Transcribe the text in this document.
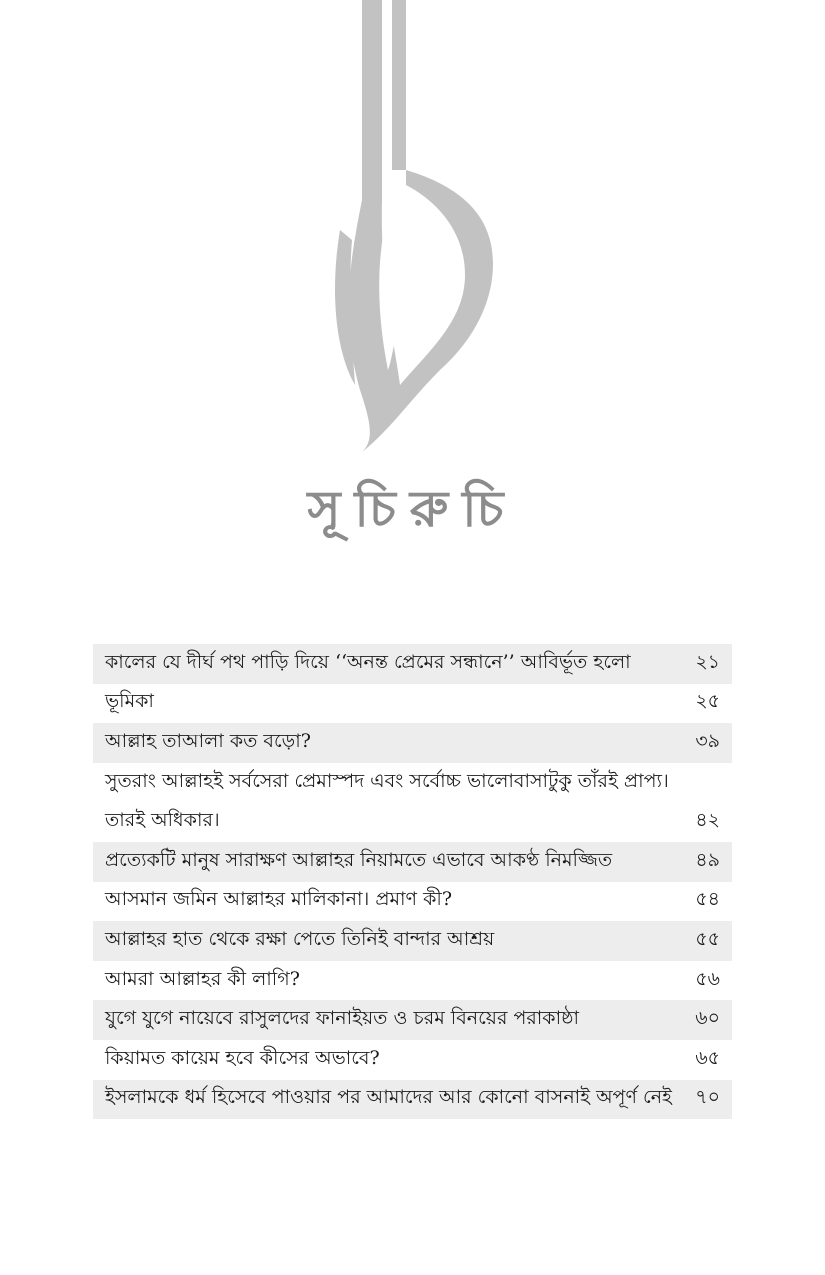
সূচিরুচি
কালের যে দীর্ঘ পথ পাড়ি দিয়ে ‘‘অনন্ত প্রেমের সন্ধানে’’ আবির্ভূত হলো	২১
ভূমিকা	২৫
আল্লাহ তাআলা কত বড়ো?	৩৯
সুতরাং আল্লাহই সর্বসেরা প্রেমাস্পদ এবং সর্বোচ্চ ভালোবাসাটুকু তাঁরই প্রাপ্য।
তারই অধিকার।	৪২
প্রত্যেকটি মানুষ সারাক্ষণ আল্লাহর নিয়ামতে এভাবে আকণ্ঠ নিমজ্জিত	৪৯
আসমান জমিন আল্লাহর মালিকানা। প্রমাণ কী?	৫৪
আল্লাহর হাত থেকে রক্ষা পেতে তিনিই বান্দার আশ্রয়	৫৫
আমরা আল্লাহর কী লাগি?	৫৬
যুগে যুগে নায়েবে রাসুলদের ফানাইয়ত ও চরম বিনয়ের পরাকাষ্ঠা	৬০
কিয়ামত কায়েম হবে কীসের অভাবে?	৬৫
ইসলামকে ধর্ম হিসেবে পাওয়ার পর আমাদের আর কোনো বাসনাই অপূর্ণ নেই ৭০
